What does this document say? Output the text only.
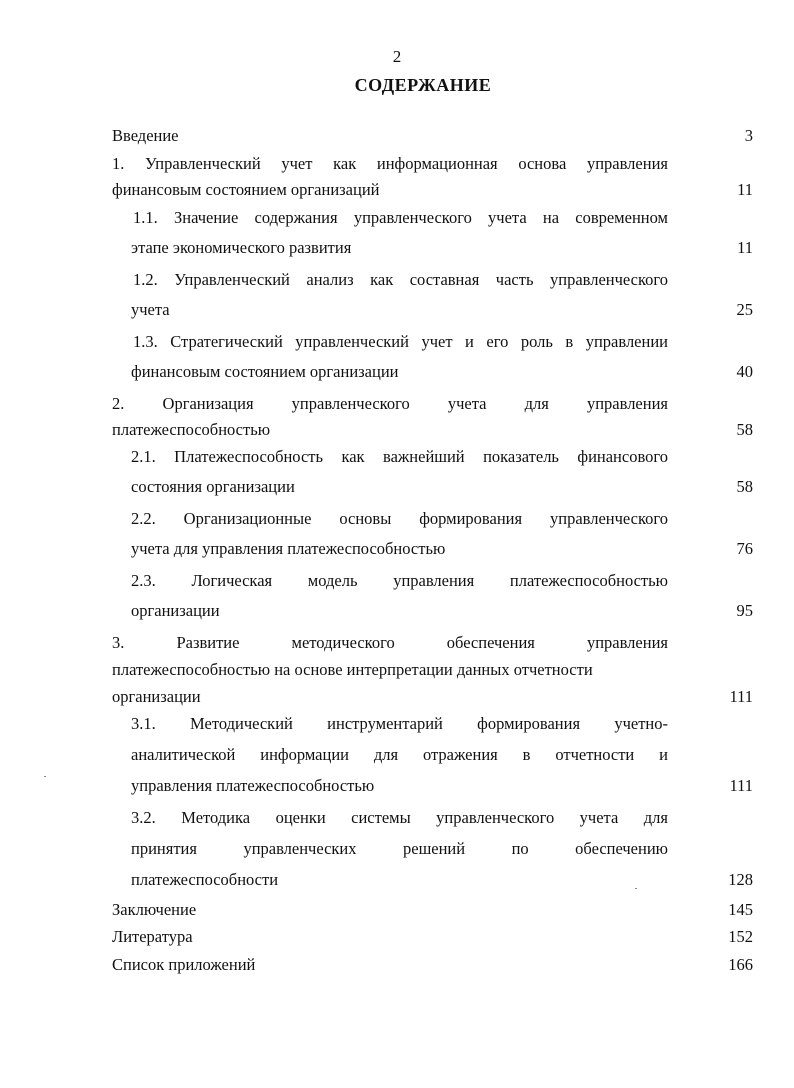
2
СОДЕРЖАНИЕ
Введение	3
1. Управленческий учет как информационная основа управления
финансовым состоянием организаций	11
1.1. Значение содержания управленческого учета на современном
этапе экономического развития	11
1.2. Управленческий анализ как составная часть управленческого
учета	25
1.3. Стратегический управленческий учет и его роль в управлении
финансовым состоянием организации	40
2. Организация управленческого учета для управления
платежеспособностью	58
2.1. Платежеспособность как важнейший показатель финансового
состояния организации	58
2.2. Организационные основы формирования управленческого
учета для управления платежеспособностью	76
2.3. Логическая модель управления платежеспособностью
организации	95
3. Развитие методического обеспечения управления
платежеспособностью на основе интерпретации данных отчетности
организации	111
3.1. Методический инструментарий формирования учетно-
аналитической информации для отражения в отчетности и
управления платежеспособностью	111
3.2. Методика оценки системы управленческого учета для
принятия управленческих решений по обеспечению
платежеспособности	128
Заключение	145
Литература	152
Список приложений	166
